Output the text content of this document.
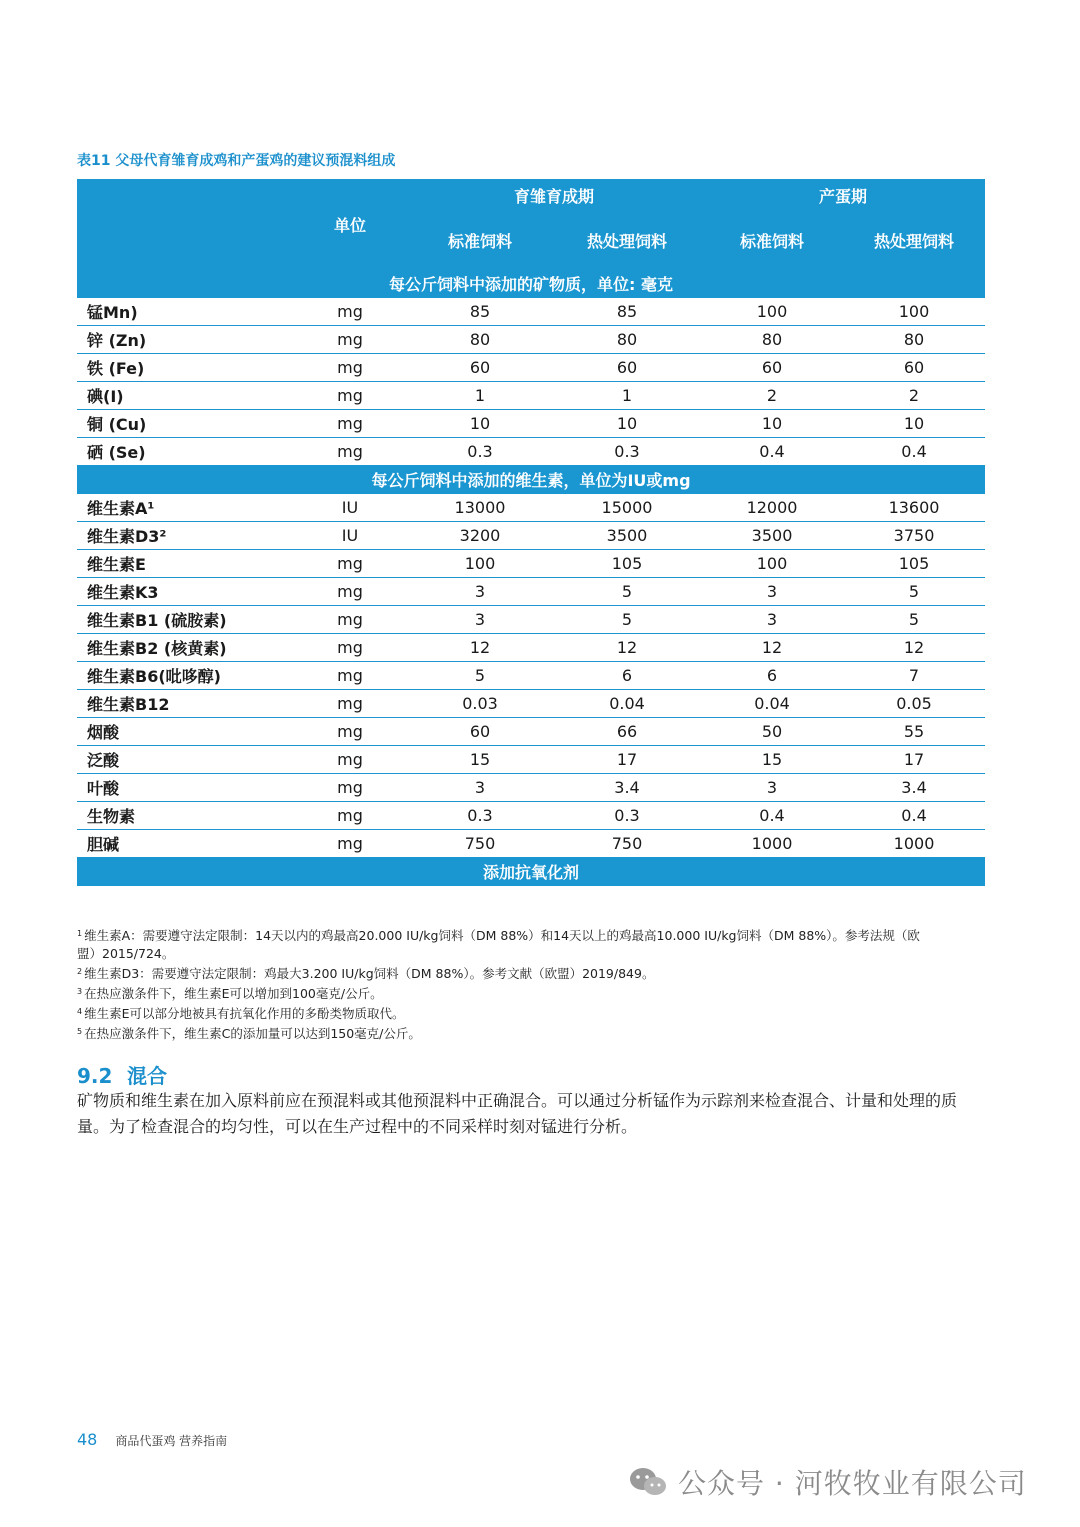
表11 父母代育雏育成鸡和产蛋鸡的建议预混料组成
	单位	育雏育成期		产蛋期	
		标准饲料	热处理饲料	标准饲料	热处理饲料
每公斤饲料中添加的矿物质，单位: 毫克					
锰Mn)	mg	85	85	100	100
锌 (Zn)	mg	80	80	80	80
铁 (Fe)	mg	60	60	60	60
碘(I)	mg	1	1	2	2
铜 (Cu)	mg	10	10	10	10
硒 (Se)	mg	0.3	0.3	0.4	0.4
每公斤饲料中添加的维生素，单位为IU或mg					
维生素A¹	IU	13000	15000	12000	13600
维生素D3²	IU	3200	3500	3500	3750
维生素E	mg	100	105	100	105
维生素K3	mg	3	5	3	5
维生素B1 (硫胺素)	mg	3	5	3	5
维生素B2 (核黄素)	mg	12	12	12	12
维生素B6(吡哆醇)	mg	5	6	6	7
维生素B12	mg	0.03	0.04	0.04	0.05
烟酸	mg	60	66	50	55
泛酸	mg	15	17	15	17
叶酸	mg	3	3.4	3	3.4
生物素	mg	0.3	0.3	0.4	0.4
胆碱	mg	750	750	1000	1000
添加抗氧化剂					

$^1$ 维生素A：需要遵守法定限制：14天以内的鸡最高20.000 IU/kg饲料（DM 88%）和14天以上的鸡最高10.000 IU/kg饲料（DM 88%）。参考法规（欧盟）2015/724。

$^2$ 维生素D3：需要遵守法定限制：鸡最大3.200 IU/kg饲料（DM 88%）。参考文献（欧盟）2019/849。

$^3$ 在热应激条件下，维生素E可以增加到100毫克/公斤。

$^4$ 维生素E可以部分地被具有抗氧化作用的多酚类物质取代。

$^5$ 在热应激条件下，维生素C的添加量可以达到150毫克/公斤。

9.2 混合

矿物质和维生素在加入原料前应在预混料或其他预混料中正确混合。可以通过分析锰作为示踪剂来检查混合、计量和处理的质量。为了检查混合的均匀性，可以在生产过程中的不同采样时刻对锰进行分析。

48 商品代蛋鸡 营养指南
公众号 · 河牧牧业有限公司
